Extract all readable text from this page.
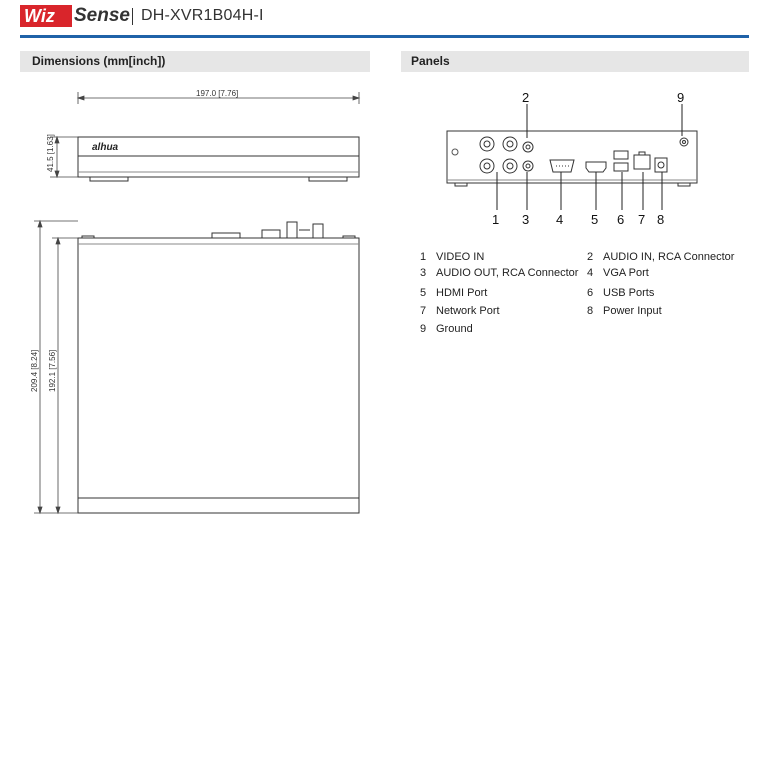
Wiz Sense DH-XVR1B04H-I
Dimensions (mm[inch])	Panels
alhua
197.0 [7.76]
41.5 [1.63]
209.4 [8.24] 192.1 [7.56]
2	9
1 3 4 5 6 7 8
1 VIDEO IN	2 AUDIO IN, RCA Connector
3 AUDIO OUT, RCA Connector 4 VGA Port
5 HDMI Port	6 USB Ports
7 Network Port	8 Power Input
9 Ground
